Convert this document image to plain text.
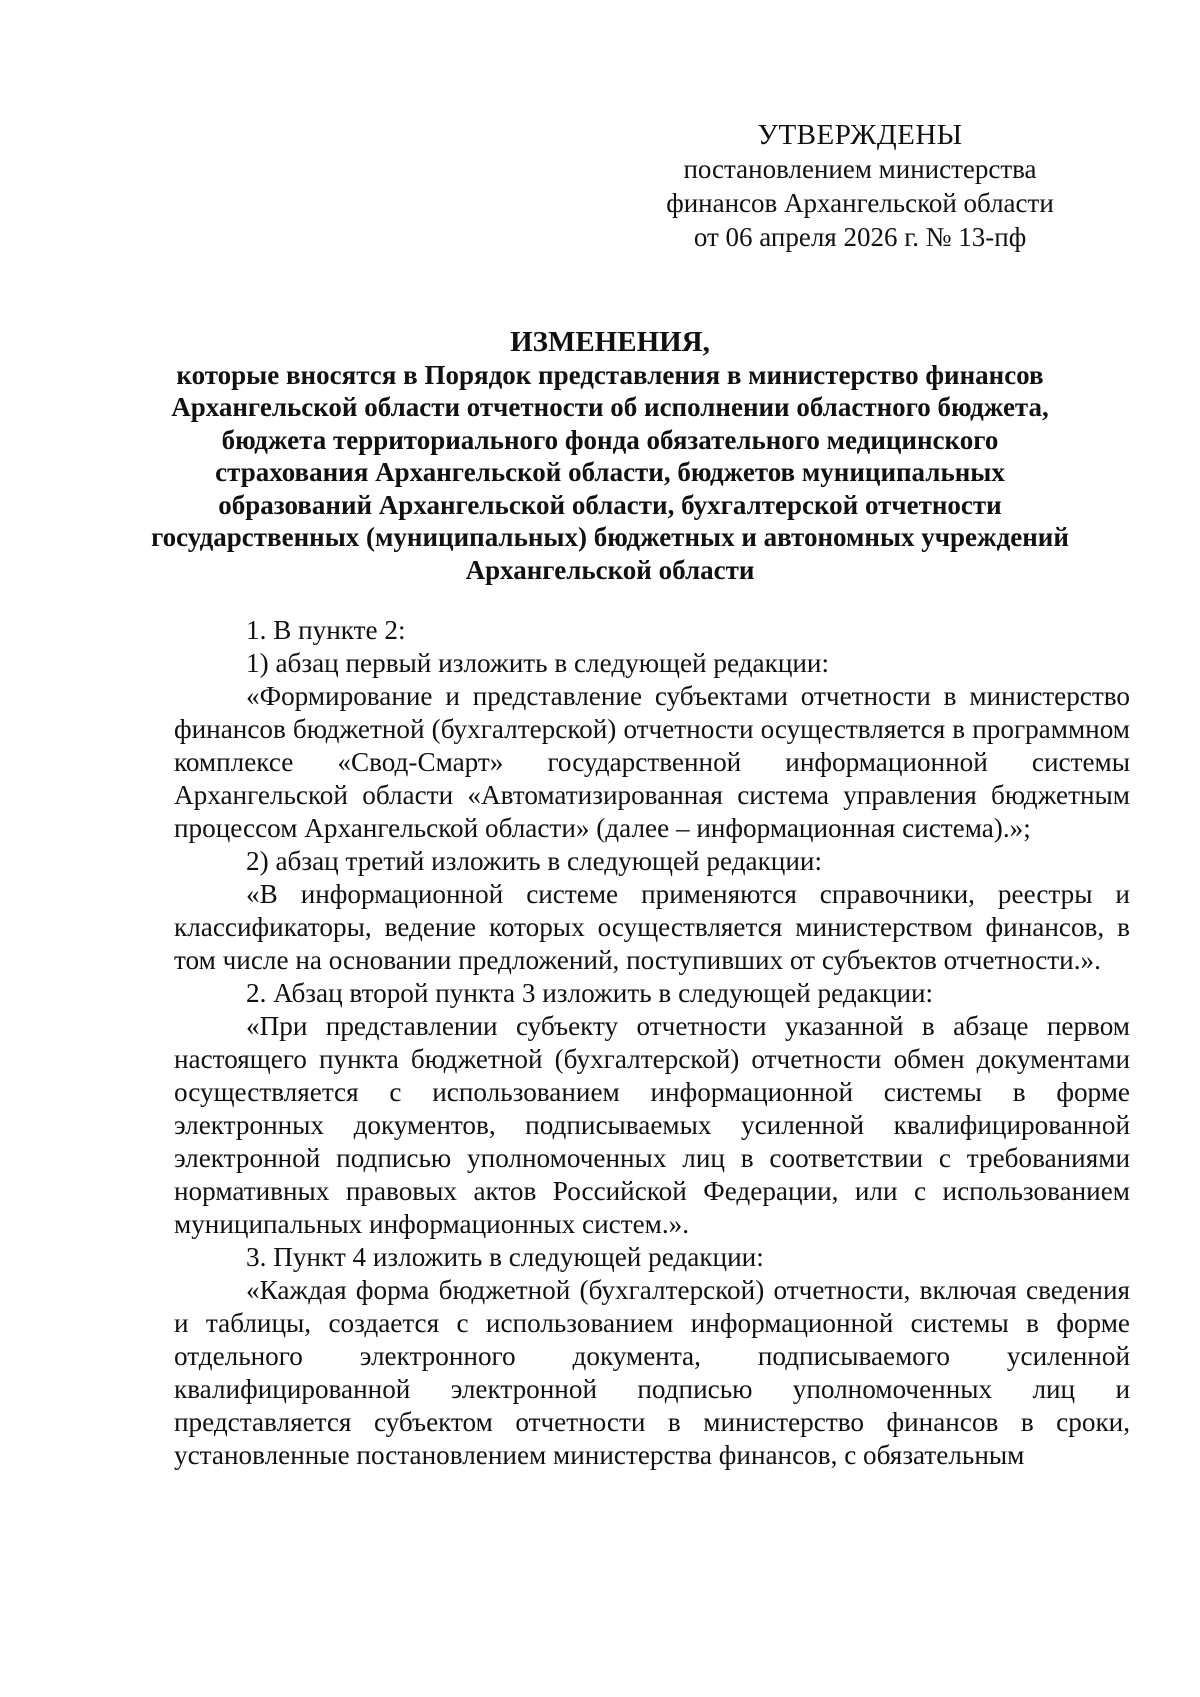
УТВЕРЖДЕНЫ
постановлением министерства
финансов Архангельской области
от 06 апреля 2026 г. № 13-пф
ИЗМЕНЕНИЯ,
которые вносятся в Порядок представления в министерство финансов Архангельской области отчетности об исполнении областного бюджета, бюджета территориального фонда обязательного медицинского страхования Архангельской области, бюджетов муниципальных образований Архангельской области, бухгалтерской отчетности государственных (муниципальных) бюджетных и автономных учреждений Архангельской области

1. В пункте 2:

1) абзац первый изложить в следующей редакции:

«Формирование и представление субъектами отчетности в министерство финансов бюджетной (бухгалтерской) отчетности осуществляется в программном комплексе «Свод-Смарт» государственной информационной системы Архангельской области «Автоматизированная система управления бюджетным процессом Архангельской области» (далее – информационная система).»;

2) абзац третий изложить в следующей редакции:

«В информационной системе применяются справочники, реестры и классификаторы, ведение которых осуществляется министерством финансов, в том числе на основании предложений, поступивших от субъектов отчетности.».

2. Абзац второй пункта 3 изложить в следующей редакции:

«При представлении субъекту отчетности указанной в абзаце первом настоящего пункта бюджетной (бухгалтерской) отчетности обмен документами осуществляется с использованием информационной системы в форме электронных документов, подписываемых усиленной квалифицированной электронной подписью уполномоченных лиц в соответствии с требованиями нормативных правовых актов Российской Федерации, или с использованием муниципальных информационных систем.».

3. Пункт 4 изложить в следующей редакции:

«Каждая форма бюджетной (бухгалтерской) отчетности, включая сведения и таблицы, создается с использованием информационной системы в форме отдельного электронного документа, подписываемого усиленной квалифицированной электронной подписью уполномоченных лиц и представляется субъектом отчетности в министерство финансов в сроки, установленные постановлением министерства финансов, с обязательным
